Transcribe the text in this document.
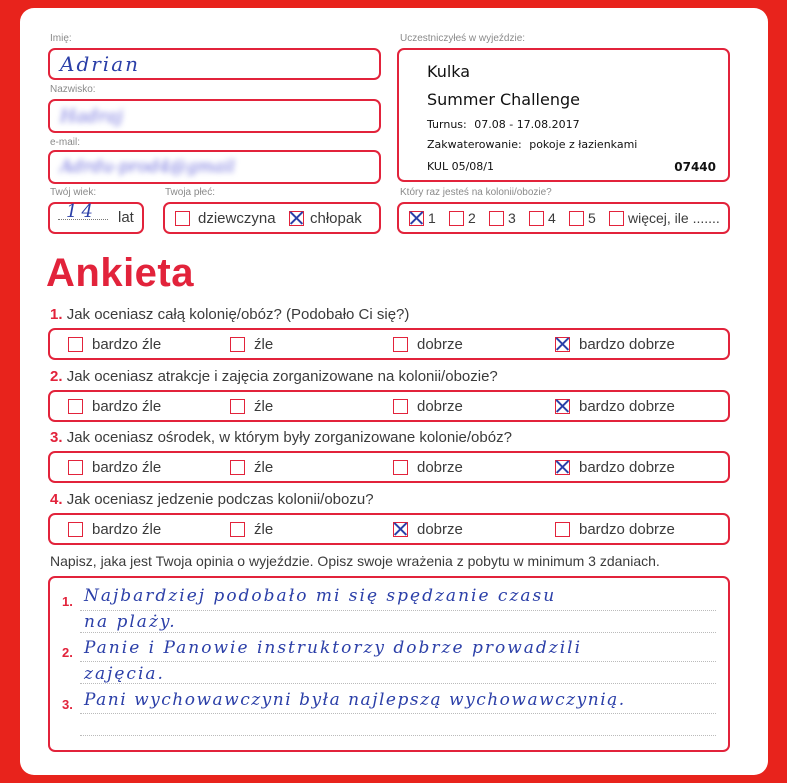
Imię:
Adrian
Nazwisko:
Hadraj
e-mail:
Adrdu-prod4@gmail
Twój wiek:
14 lat
Twoja płeć:
dziewczyna chłopak
Uczestniczyłeś w wyjeździe:
Kulka
Summer Challenge
Turnus: 07.08 - 17.08.2017
Zakwaterowanie: pokoje z łazienkami
KUL 05/08/1	07440
Który raz jesteś na kolonii/obozie?
1 2 3 4 5 więcej, ile .......
Ankieta
1. Jak oceniasz całą kolonię/obóz? (Podobało Ci się?)
bardzo źle	źle	dobrze	bardzo dobrze
2. Jak oceniasz atrakcje i zajęcia zorganizowane na kolonii/obozie?
bardzo źle	źle	dobrze	bardzo dobrze
3. Jak oceniasz ośrodek, w którym były zorganizowane kolonie/obóz?
bardzo źle	źle	dobrze	bardzo dobrze
4. Jak oceniasz jedzenie podczas kolonii/obozu?
bardzo źle	źle	dobrze	bardzo dobrze
Napisz, jaka jest Twoja opinia o wyjeździe. Opisz swoje wrażenia z pobytu w minimum 3 zdaniach.
1. Najbardziej podobało mi się spędzanie czasu
na plaży.
2. Panie i Panowie instruktorzy dobrze prowadzili
zajęcia.
3. Pani wychowawczyni była najlepszą wychowawczynią.
